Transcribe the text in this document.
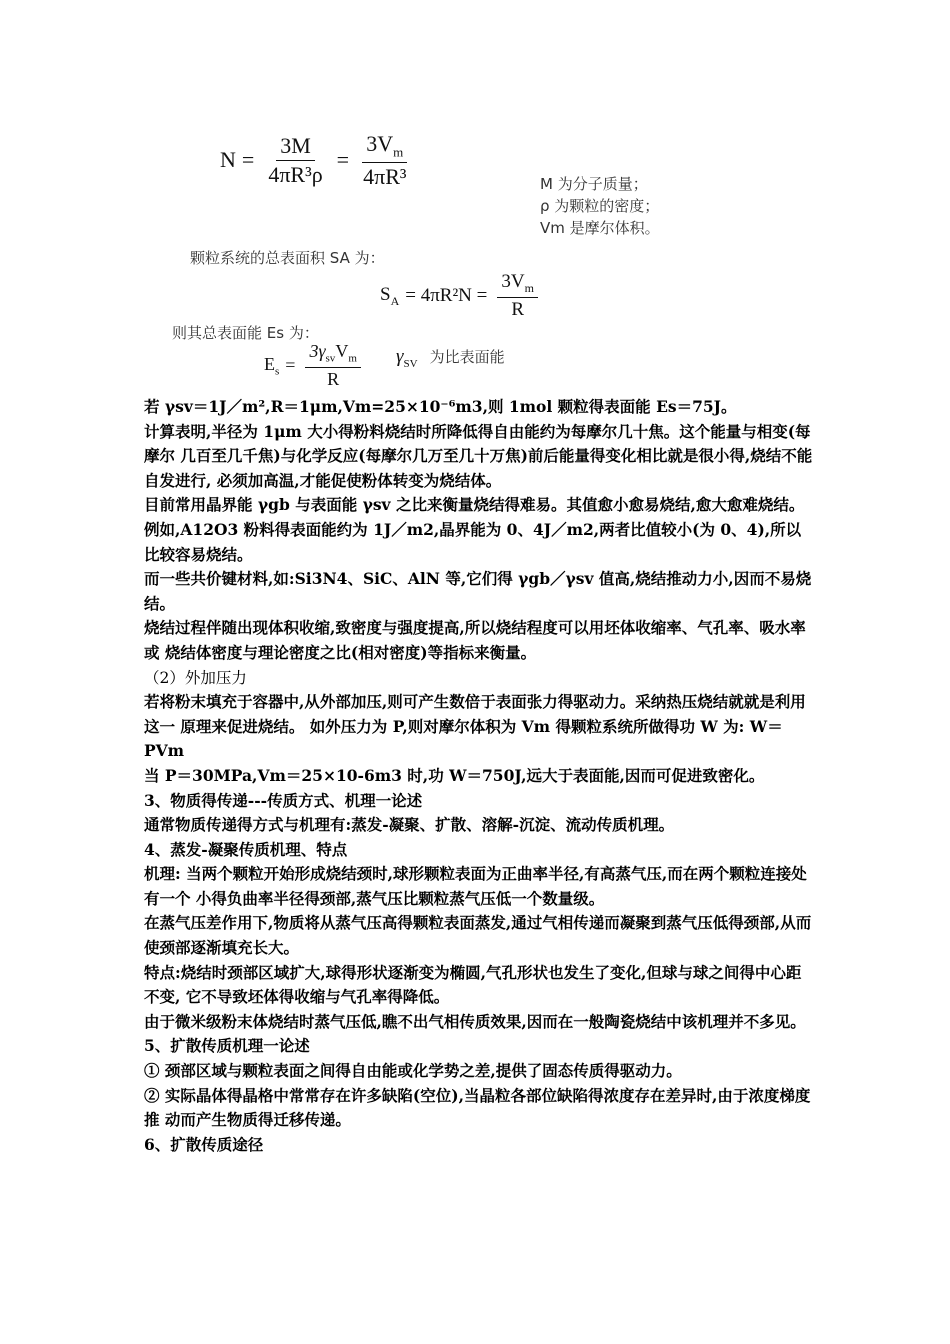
$N = \frac{3M}{\text{4πR³ρ}} = \frac{3V_m}{\text{4πR³}}$	M 为分子质量；
ρ 为颗粒的密度；
Vm 是摩尔体积。
颗粒系统的总表面积 SA 为：
$S_A = 4\pi R^2N = \frac{3V_m}{R}$
则其总表面能 Es 为：
$E_s = \frac{3\gamma_{sv}V_m}{R} \gamma_{SV}$ 为比表面能

若 γsv＝1J／m²,R＝1μm,Vm=25×10⁻⁶m3,则 1mol 颗粒得表面能 Es＝75J。

计算表明,半径为 1μm 大小得粉料烧结时所降低得自由能约为每摩尔几十焦。这个能量与相变(每摩尔 几百至几千焦)与化学反应(每摩尔几万至几十万焦)前后能量得变化相比就是很小得,烧结不能自发进行, 必须加高温,才能促使粉体转变为烧结体。

目前常用晶界能 γgb 与表面能 γsv 之比来衡量烧结得难易。其值愈小愈易烧结,愈大愈难烧结。

例如,A12O3 粉料得表面能约为 1J／m2,晶界能为 0、4J／m2,两者比值较小(为 0、4),所以比较容易烧结。

而一些共价键材料,如:Si3N4、SiC、AlN 等,它们得 γgb／γsv 值高,烧结推动力小,因而不易烧结。

烧结过程伴随出现体积收缩,致密度与强度提高,所以烧结程度可以用坯体收缩率、气孔率、吸水率或 烧结体密度与理论密度之比(相对密度)等指标来衡量。

（2）外加压力

若将粉末填充于容器中,从外部加压,则可产生数倍于表面张力得驱动力。采纳热压烧结就就是利用这一 原理来促进烧结。 如外压力为 P,则对摩尔体积为 Vm 得颗粒系统所做得功 W 为: W＝PVm

当 P＝30MPa,Vm＝25×10-6m3 时,功 W＝750J,远大于表面能,因而可促进致密化。

3、物质得传递---传质方式、机理一论述

通常物质传递得方式与机理有:蒸发-凝聚、扩散、溶解-沉淀、流动传质机理。

4、蒸发-凝聚传质机理、特点

机理: 当两个颗粒开始形成烧结颈时,球形颗粒表面为正曲率半径,有高蒸气压,而在两个颗粒连接处有一个 小得负曲率半径得颈部,蒸气压比颗粒蒸气压低一个数量级。

在蒸气压差作用下,物质将从蒸气压高得颗粒表面蒸发,通过气相传递而凝聚到蒸气压低得颈部,从而 使颈部逐渐填充长大。

特点:烧结时颈部区域扩大,球得形状逐渐变为椭圆,气孔形状也发生了变化,但球与球之间得中心距不变, 它不导致坯体得收缩与气孔率得降低。

由于微米级粉末体烧结时蒸气压低,瞧不出气相传质效果,因而在一般陶瓷烧结中该机理并不多见。

5、扩散传质机理一论述

① 颈部区域与颗粒表面之间得自由能或化学势之差,提供了固态传质得驱动力。

② 实际晶体得晶格中常常存在许多缺陷(空位),当晶粒各部位缺陷得浓度存在差异时,由于浓度梯度推 动而产生物质得迁移传递。

6、扩散传质途径
